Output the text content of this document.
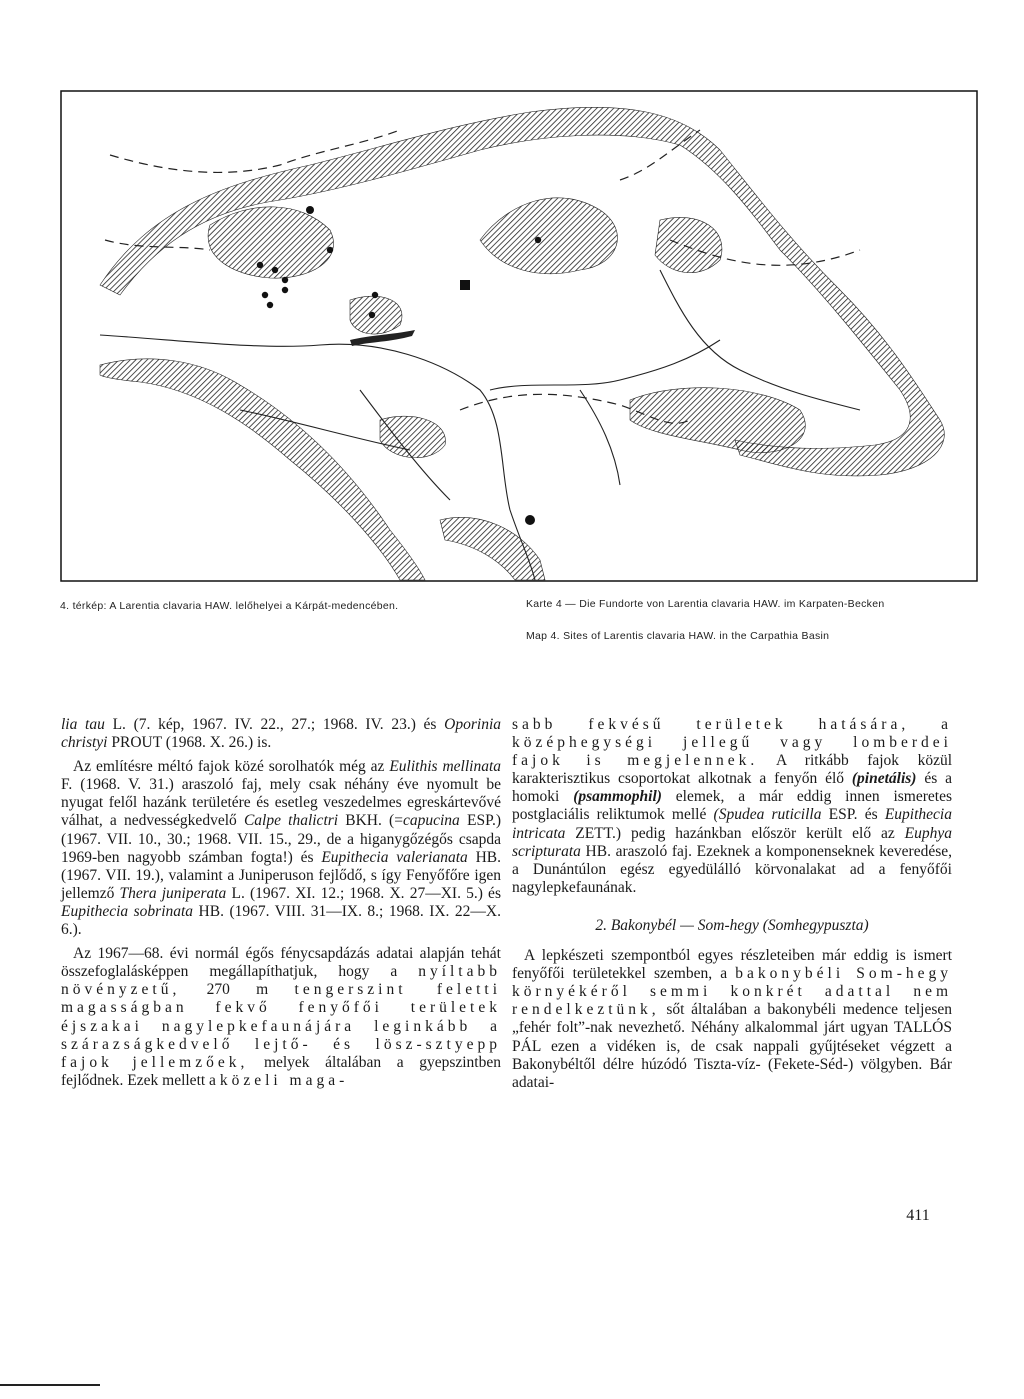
4. térkép: A Larentia clavaria HAW. lelőhelyei a Kárpát-medencében.	Karte 4 — Die Fundorte von Larentia clavaria HAW. im Karpaten-Becken
Map 4. Sites of Larentis clavaria HAW. in the Carpathia Basin

lia tau L. (7. kép, 1967. IV. 22., 27.; 1968. IV. 23.) és Oporinia christyi PROUT (1968. X. 26.) is.

Az említésre méltó fajok közé sorolhatók még az Eulithis mellinata F. (1968. V. 31.) araszoló faj, mely csak néhány éve nyomult be nyugat felől hazánk területére és esetleg veszedelmes egreskártevővé válhat, a nedvességkedvelő Calpe thalictri BKH. (=capucina ESP.) (1967. VII. 10., 30.; 1968. VII. 15., 29., de a higanygőzégős csapda 1969-ben nagyobb számban fogta!) és Eupithecia valerianata HB. (1967. VII. 19.), valamint a Juniperuson fejlődő, s így Fenyőfőre igen jellemző Thera juniperata L. (1967. XI. 12.; 1968. X. 27—XI. 5.) és Eupithecia sobrinata HB. (1967. VIII. 31—IX. 8.; 1968. IX. 22—X. 6.).

Az 1967—68. évi normál égős fénycsapdázás adatai alapján tehát összefoglalásképpen megállapíthatjuk, hogy a nyíltabb növényzetű, 270 m tengerszint feletti magasságban fekvő fenyőfői területek éjszakai nagylepkefaunájára leginkább a szárazságkedvelő lejtő- és lösz-sztyepp fajok jellemzőek, melyek általában a gyepszintben fejlődnek. Ezek mellett a közeli maga-

sabb fekvésű területek hatására, a középhegységi jellegű vagy lomberdei fajok is megjelennek. A ritkább fajok közül karakterisztikus csoportokat alkotnak a fenyőn élő (pinetális) és a homoki (psammophil) elemek, a már eddig innen ismeretes postglaciális reliktumok mellé (Spudea ruticilla ESP. és Eupithecia intricata ZETT.) pedig hazánkban először került elő az Euphya scripturata HB. araszoló faj. Ezeknek a komponenseknek keveredése, a Dunántúlon egész egyedülálló körvonalakat ad a fenyőfői nagylepkefaunának.

2. Bakonybél — Som-hegy (Somhegypuszta)

A lepkészeti szempontból egyes részleteiben már eddig is ismert fenyőfői területekkel szemben, a bakonybéli Som-hegy környékéről semmi konkrét adattal nem rendelkeztünk, sőt általában a bakonybéli medence teljesen „fehér folt”-nak nevezhető. Néhány alkalommal járt ugyan TALLÓS PÁL ezen a vidéken is, de csak nappali gyűjtéseket végzett a Bakonybéltől délre húzódó Tiszta-víz- (Fekete-Séd-) völgyben. Bár adatai-

411
